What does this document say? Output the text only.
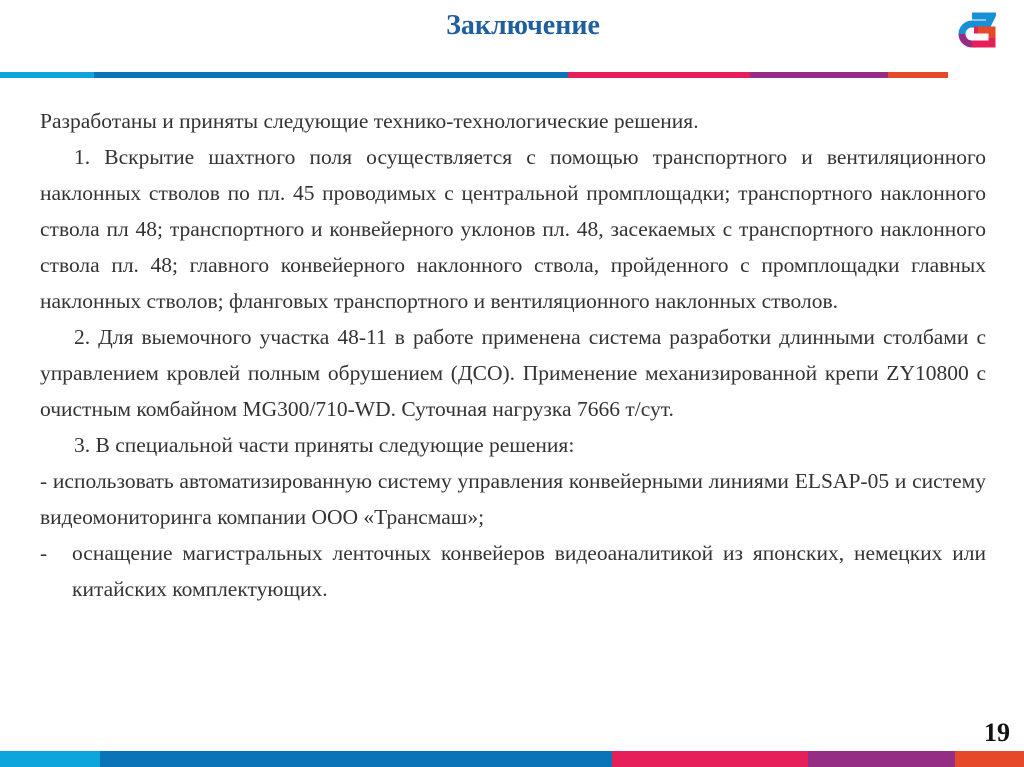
Заключение

Разработаны и приняты следующие технико-технологические решения.

1. Вскрытие шахтного поля осуществляется с помощью транспортного и вентиляционного наклонных стволов по пл. 45 проводимых с центральной промплощадки; транспортного наклонного ствола пл 48; транспортного и конвейерного уклонов пл. 48, засекаемых с транспортного наклонного ствола пл. 48; главного конвейерного наклонного ствола, пройденного с промплощадки главных наклонных стволов; фланговых транспортного и вентиляционного наклонных стволов.

2. Для выемочного участка 48-11 в работе применена система разработки длинными столбами с управлением кровлей полным обрушением (ДСО). Применение механизированной крепи ZY10800 с очистным комбайном MG300/710-WD. Суточная нагрузка 7666 т/сут.

3. В специальной части приняты следующие решения:

- использовать автоматизированную систему управления конвейерными линиями ELSAP-05 и систему видеомониторинга компании ООО «Трансмаш»;

-	оснащение магистральных ленточных конвейеров видеоаналитикой из японских, немецких или китайских комплектующих.
19
